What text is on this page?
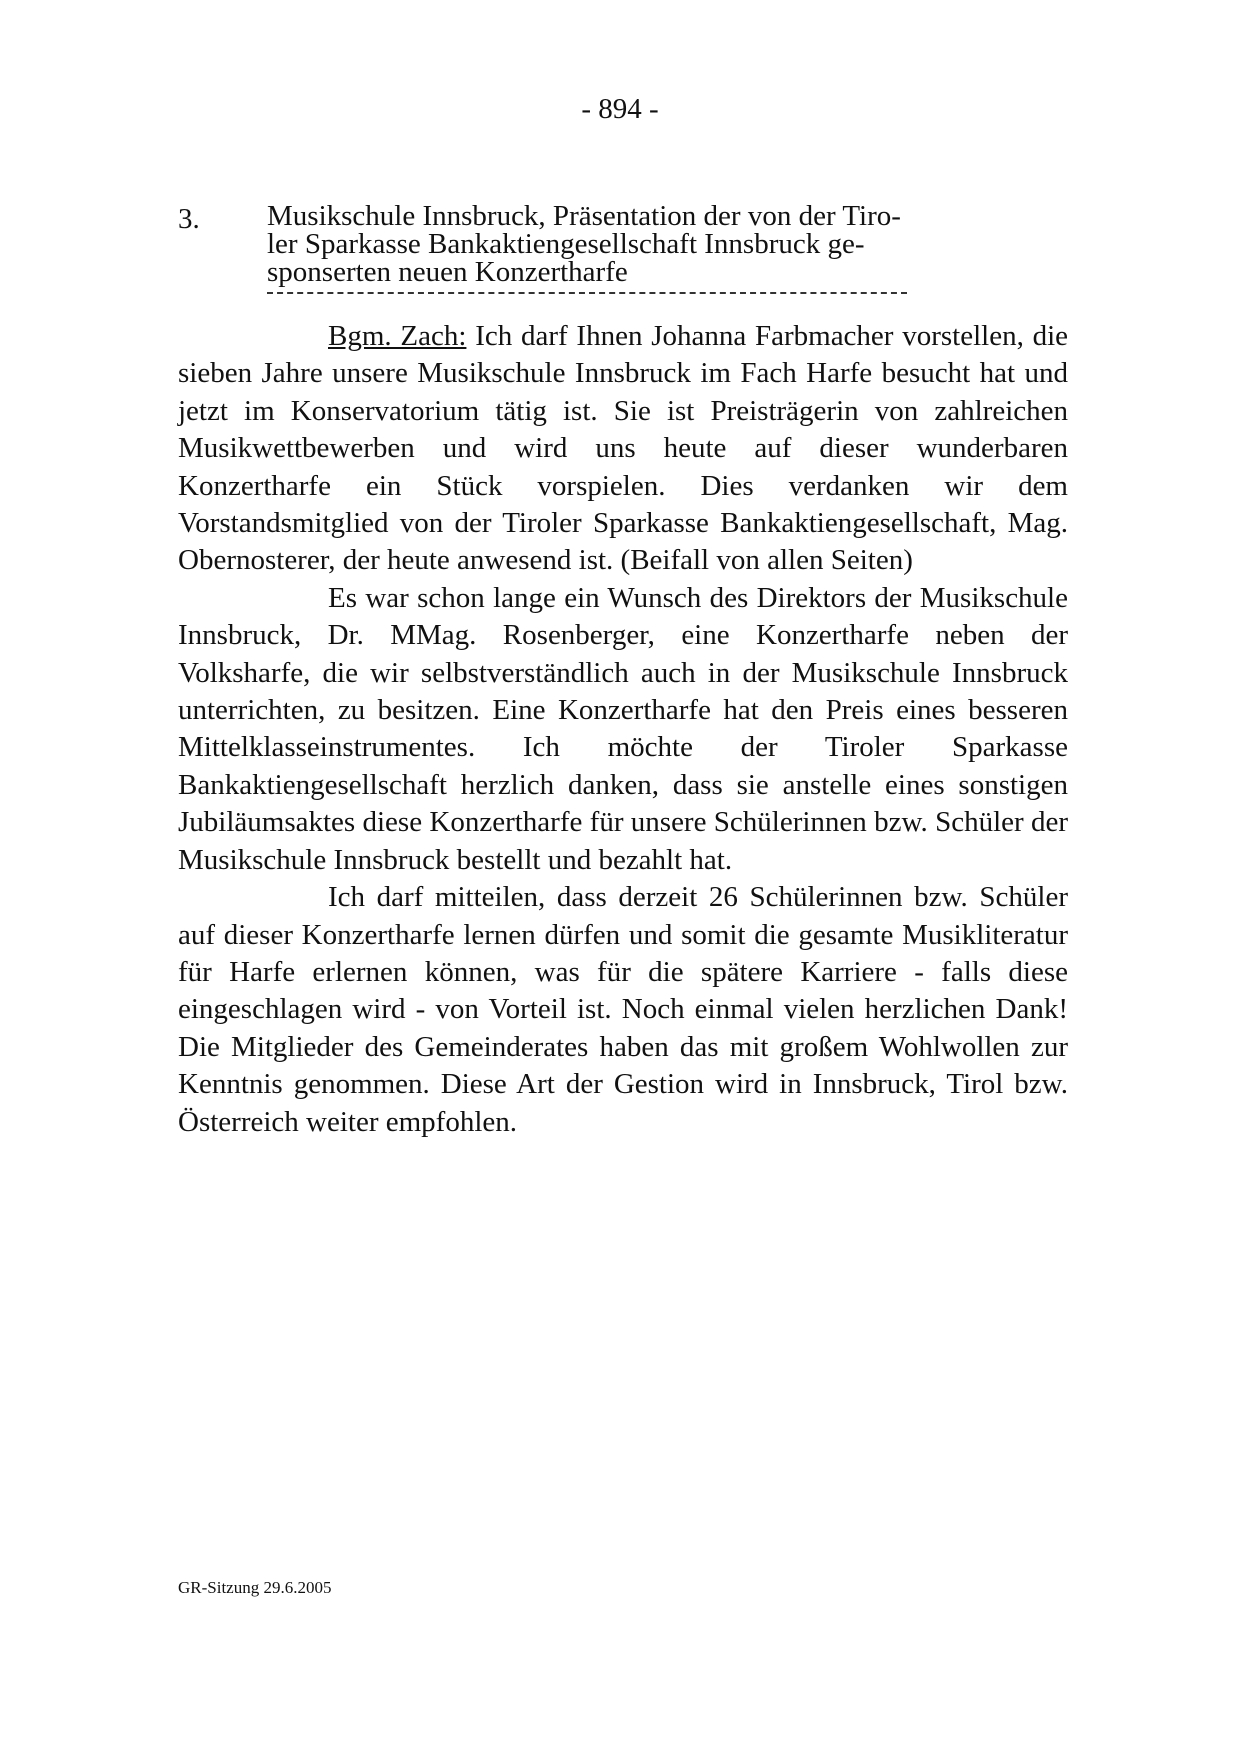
- 894 -
3. Musikschule Innsbruck, Präsentation der von der Tiro-
ler Sparkasse Bankaktiengesellschaft Innsbruck ge-
sponserten neuen Konzertharfe

Bgm. Zach: Ich darf Ihnen Johanna Farbmacher vorstellen, die sieben Jahre unsere Musikschule Innsbruck im Fach Harfe besucht hat und jetzt im Konservatorium tätig ist. Sie ist Preisträgerin von zahlreichen Musikwettbewerben und wird uns heute auf dieser wunderbaren Konzertharfe ein Stück vorspielen. Dies verdanken wir dem Vorstandsmitglied von der Tiroler Sparkasse Bankaktiengesellschaft, Mag. Obernosterer, der heute anwesend ist. (Beifall von allen Seiten)

Es war schon lange ein Wunsch des Direktors der Musikschule Innsbruck, Dr. MMag. Rosenberger, eine Konzertharfe neben der Volksharfe, die wir selbstverständlich auch in der Musikschule Innsbruck unterrichten, zu besitzen. Eine Konzertharfe hat den Preis eines besseren Mittelklasseinstrumentes. Ich möchte der Tiroler Sparkasse Bankaktiengesellschaft herzlich danken, dass sie anstelle eines sonstigen Jubiläumsaktes diese Konzertharfe für unsere Schülerinnen bzw. Schüler der Musikschule Innsbruck bestellt und bezahlt hat.

Ich darf mitteilen, dass derzeit 26 Schülerinnen bzw. Schüler auf dieser Konzertharfe lernen dürfen und somit die gesamte Musikliteratur für Harfe erlernen können, was für die spätere Karriere - falls diese eingeschlagen wird - von Vorteil ist. Noch einmal vielen herzlichen Dank! Die Mitglieder des Gemeinderates haben das mit großem Wohlwollen zur Kenntnis genommen. Diese Art der Gestion wird in Innsbruck, Tirol bzw. Österreich weiter empfohlen.

GR-Sitzung 29.6.2005
